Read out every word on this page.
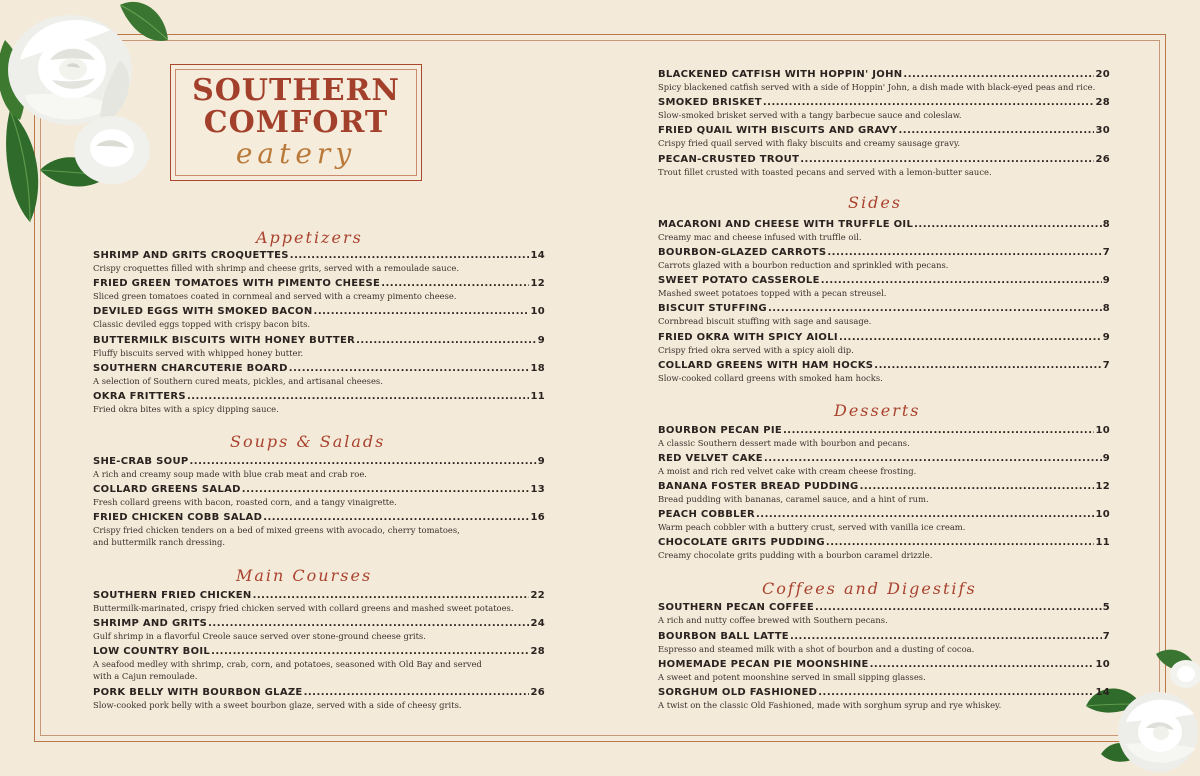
SOUTHERN
COMFORT
eatery
Appetizers
Soups & Salads
Main Courses
Sides
Desserts
Coffees and Digestifs
SHRIMP AND GRITS CROQUETTES .....	14
Crispy croquettes filled with shrimp and cheese grits, served with a remoulade sauce.
FRIED GREEN TOMATOES WITH PIMENTO CHEESE .....	12
Sliced green tomatoes coated in cornmeal and served with a creamy pimento cheese.
DEVILED EGGS WITH SMOKED BACON .....	10
Classic deviled eggs topped with crispy bacon bits.
BUTTERMILK BISCUITS WITH HONEY BUTTER .....	9
Fluffy biscuits served with whipped honey butter.
SOUTHERN CHARCUTERIE BOARD .....	18
A selection of Southern cured meats, pickles, and artisanal cheeses.
OKRA FRITTERS .....	11
Fried okra bites with a spicy dipping sauce.
SHE-CRAB SOUP .....	9
A rich and creamy soup made with blue crab meat and crab roe.
COLLARD GREENS SALAD .....	13
Fresh collard greens with bacon, roasted corn, and a tangy vinaigrette.
FRIED CHICKEN COBB SALAD .....	16
Crispy fried chicken tenders on a bed of mixed greens with avocado, cherry tomatoes,
and buttermilk ranch dressing.
SOUTHERN FRIED CHICKEN .....	22
Buttermilk-marinated, crispy fried chicken served with collard greens and mashed sweet potatoes.
SHRIMP AND GRITS .....	24
Gulf shrimp in a flavorful Creole sauce served over stone-ground cheese grits.
LOW COUNTRY BOIL .....	28
A seafood medley with shrimp, crab, corn, and potatoes, seasoned with Old Bay and served
with a Cajun remoulade.
PORK BELLY WITH BOURBON GLAZE .....	26
Slow-cooked pork belly with a sweet bourbon glaze, served with a side of cheesy grits.
BLACKENED CATFISH WITH HOPPIN' JOHN .....	20
Spicy blackened catfish served with a side of Hoppin' John, a dish made with black-eyed peas and rice.
SMOKED BRISKET .....	28
Slow-smoked brisket served with a tangy barbecue sauce and coleslaw.
FRIED QUAIL WITH BISCUITS AND GRAVY .....	30
Crispy fried quail served with flaky biscuits and creamy sausage gravy.
PECAN-CRUSTED TROUT .....	26
Trout fillet crusted with toasted pecans and served with a lemon-butter sauce.
MACARONI AND CHEESE WITH TRUFFLE OIL .....	8
Creamy mac and cheese infused with truffle oil.
BOURBON-GLAZED CARROTS .....	7
Carrots glazed with a bourbon reduction and sprinkled with pecans.
SWEET POTATO CASSEROLE .....	9
Mashed sweet potatoes topped with a pecan streusel.
BISCUIT STUFFING .....	8
Cornbread biscuit stuffing with sage and sausage.
FRIED OKRA WITH SPICY AIOLI .....	9
Crispy fried okra served with a spicy aioli dip.
COLLARD GREENS WITH HAM HOCKS .....	7
Slow-cooked collard greens with smoked ham hocks.
BOURBON PECAN PIE .....	10
A classic Southern dessert made with bourbon and pecans.
RED VELVET CAKE .....	9
A moist and rich red velvet cake with cream cheese frosting.
BANANA FOSTER BREAD PUDDING .....	12
Bread pudding with bananas, caramel sauce, and a hint of rum.
PEACH COBBLER .....	10
Warm peach cobbler with a buttery crust, served with vanilla ice cream.
CHOCOLATE GRITS PUDDING .....	11
Creamy chocolate grits pudding with a bourbon caramel drizzle.
SOUTHERN PECAN COFFEE .....	5
A rich and nutty coffee brewed with Southern pecans.
BOURBON BALL LATTE .....	7
Espresso and steamed milk with a shot of bourbon and a dusting of cocoa.
HOMEMADE PECAN PIE MOONSHINE .....	10
A sweet and potent moonshine served in small sipping glasses.
SORGHUM OLD FASHIONED .....	14
A twist on the classic Old Fashioned, made with sorghum syrup and rye whiskey.
